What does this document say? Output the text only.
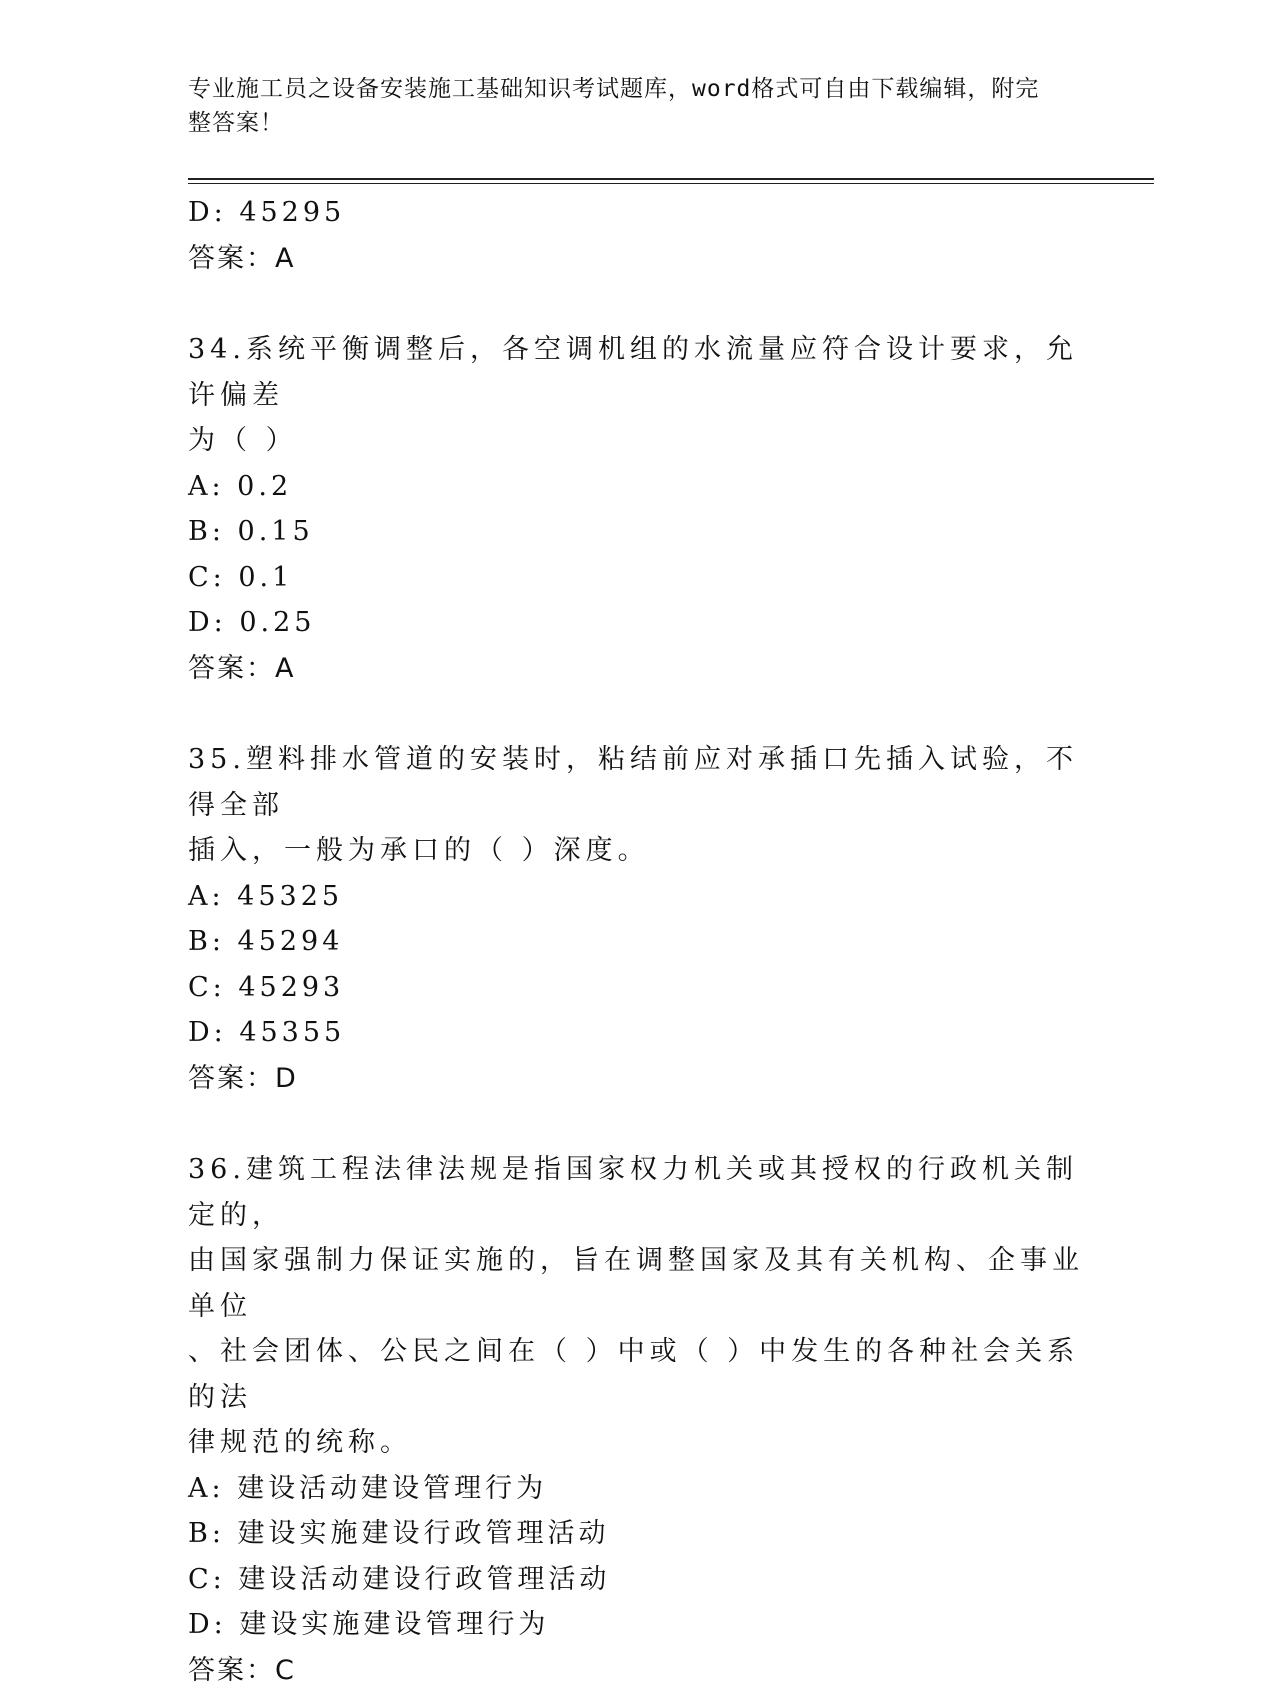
专业施工员之设备安装施工基础知识考试题库，word格式可自由下载编辑，附完
整答案！
D: 45295
答案：A
34.系统平衡调整后，各空调机组的水流量应符合设计要求，允许偏差
为（ ）
A: 0.2
B: 0.15
C: 0.1
D: 0.25
答案：A
35.塑料排水管道的安装时，粘结前应对承插口先插入试验，不得全部
插入，一般为承口的（ ）深度。
A: 45325
B: 45294
C: 45293
D: 45355
答案：D
36.建筑工程法律法规是指国家权力机关或其授权的行政机关制定的，
由国家强制力保证实施的，旨在调整国家及其有关机构、企事业单位
、社会团体、公民之间在（ ）中或（ ）中发生的各种社会关系的法
律规范的统称。
A: 建设活动建设管理行为
B: 建设实施建设行政管理活动
C: 建设活动建设行政管理活动
D: 建设实施建设管理行为
答案：C
